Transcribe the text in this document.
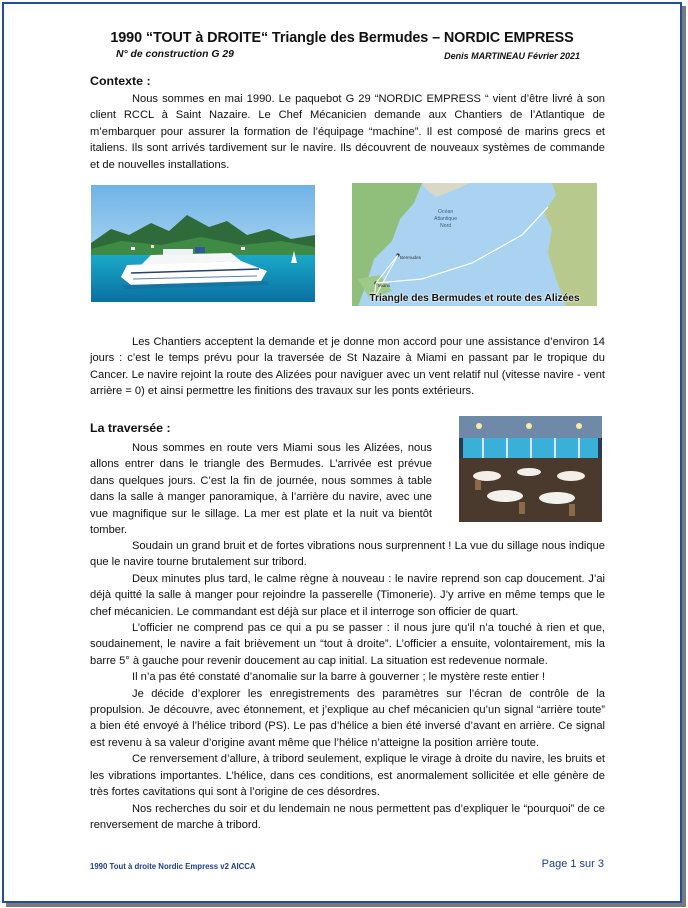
1990 “TOUT à DROITE“ Triangle des Bermudes – NORDIC EMPRESS
N° de construction G 29	Denis MARTINEAU Février 2021
Contexte :

Nous sommes en mai 1990. Le paquebot G 29 “NORDIC EMPRESS “ vient d’être livré à son client RCCL à Saint Nazaire. Le Chef Mécanicien demande aux Chantiers de l’Atlantique de m’embarquer pour assurer la formation de l’équipage “machine”. Il est composé de marins grecs et italiens. Ils sont arrivés tardivement sur le navire. Ils découvrent de nouveaux systèmes de commande et de nouvelles installations.

Océan
Atlantique
Nord
Bermudes
Miami
Triangle des Bermudes et route des Alizées

Les Chantiers acceptent la demande et je donne mon accord pour une assistance d’environ 14 jours : c’est le temps prévu pour la traversée de St Nazaire à Miami en passant par le tropique du Cancer. Le navire rejoint la route des Alizées pour naviguer avec un vent relatif nul (vitesse navire - vent arrière = 0) et ainsi permettre les finitions des travaux sur les ponts extérieurs.

La traversée :

Nous sommes en route vers Miami sous les Alizées, nous allons entrer dans le triangle des Bermudes. L’arrivée est prévue dans quelques jours. C’est la fin de journée, nous sommes à table dans la salle à manger panoramique, à l’arrière du navire, avec une vue magnifique sur le sillage. La mer est plate et la nuit va bientôt tomber.

Soudain un grand bruit et de fortes vibrations nous surprennent ! La vue du sillage nous indique que le navire tourne brutalement sur tribord.

Deux minutes plus tard, le calme règne à nouveau : le navire reprend son cap doucement. J’ai déjà quitté la salle à manger pour rejoindre la passerelle (Timonerie). J’y arrive en même temps que le chef mécanicien. Le commandant est déjà sur place et il interroge son officier de quart.

L’officier ne comprend pas ce qui a pu se passer : il nous jure qu’il n’a touché à rien et que, soudainement, le navire a fait brièvement un “tout à droite”. L’officier a ensuite, volontairement, mis la barre 5° à gauche pour revenir doucement au cap initial. La situation est redevenue normale.

Il n’a pas été constaté d’anomalie sur la barre à gouverner ; le mystère reste entier !

Je décide d’explorer les enregistrements des paramètres sur l’écran de contrôle de la propulsion. Je découvre, avec étonnement, et j’explique au chef mécanicien qu’un signal “arrière toute” a bien été envoyé à l’hélice tribord (PS). Le pas d’hélice a bien été inversé d’avant en arrière. Ce signal est revenu à sa valeur d’origine avant même que l’hélice n’atteigne la position arrière toute.

Ce renversement d’allure, à tribord seulement, explique le virage à droite du navire, les bruits et les vibrations importantes. L’hélice, dans ces conditions, est anormalement sollicitée et elle génère de très fortes cavitations qui sont à l’origine de ces désordres.

Nos recherches du soir et du lendemain ne nous permettent pas d’expliquer le “pourquoi” de ce renversement de marche à tribord.

1990 Tout à droite Nordic Empress v2 AICCA	Page 1 sur 3
